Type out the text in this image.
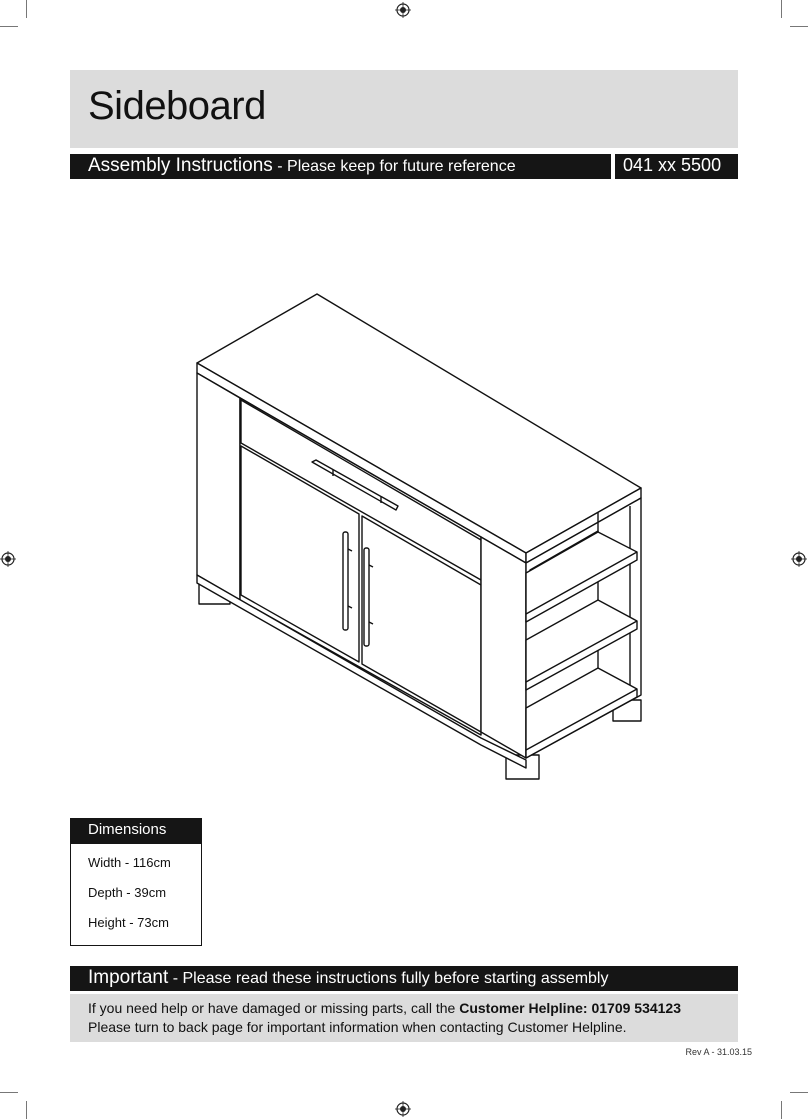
Sideboard
Assembly Instructions - Please keep for future reference	041 xx 5500
Dimensions
Width - 116cm
Depth - 39cm
Height - 73cm
Important - Please read these instructions fully before starting assembly
If you need help or have damaged or missing parts, call the Customer Helpline: 01709 534123
Please turn to back page for important information when contacting Customer Helpline.
Rev A - 31.03.15
